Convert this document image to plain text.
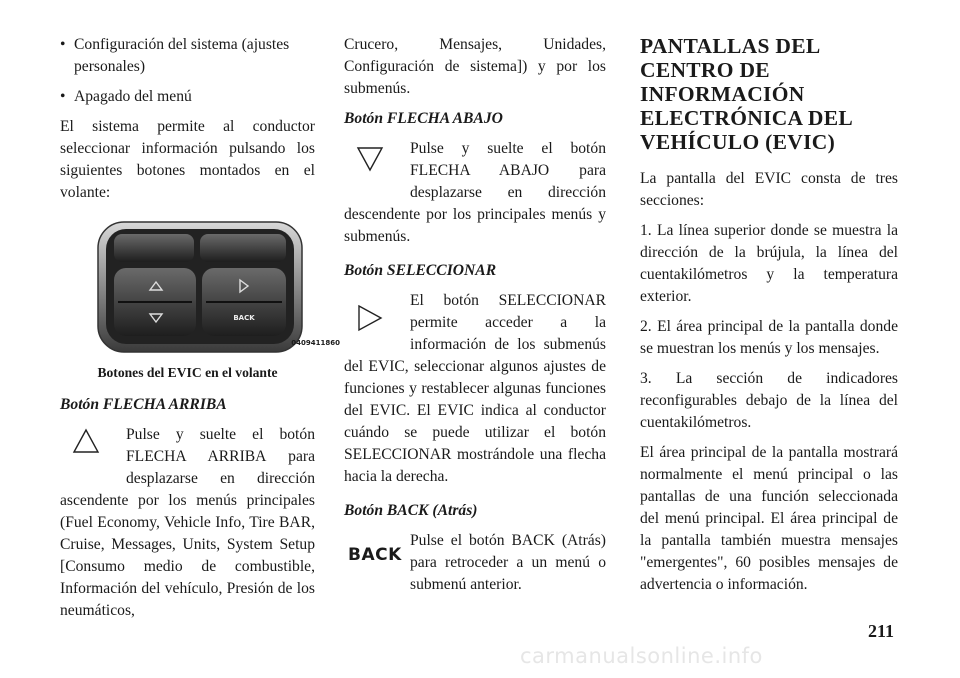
• Configuración del sistema (ajustes
personales)
• Apagado del menú

El sistema permite al conductor seleccionar información pulsando los siguientes botones montados en el volante:

BACK
0409411860
Botones del EVIC en el volante
Botón FLECHA ARRIBA

Pulse y suelte el botón FLECHA ARRIBA para desplazarse en dirección ascendente por los menús principales (Fuel Economy, Vehicle Info, Tire BAR, Cruise, Messages, Units, System Setup [Consumo medio de combustible, Información del vehículo, Presión de los neumáticos,

Crucero, Mensajes, Unidades, Configuración de sistema]) y por los submenús.

Botón FLECHA ABAJO

Pulse y suelte el botón FLECHA ABAJO para desplazarse en dirección descendente por los principales menús y submenús.

Botón SELECCIONAR

El botón SELECCIONAR permite acceder a la información de los submenús del EVIC, seleccionar algunos ajustes de funciones y restablecer algunas funciones del EVIC. El EVIC indica al conductor cuándo se puede utilizar el botón SELECCIONAR mostrándole una flecha hacia la derecha.

Botón BACK (Atrás)
BACK

Pulse el botón BACK (Atrás) para retroceder a un menú o submenú anterior.

PANTALLAS DEL CENTRO DE INFORMACIÓN ELECTRÓNICA DEL VEHÍCULO (EVIC)

La pantalla del EVIC consta de tres secciones:

1. La línea superior donde se muestra la dirección de la brújula, la línea del cuentakilómetros y la temperatura exterior.

2. El área principal de la pantalla donde se muestran los menús y los mensajes.

3. La sección de indicadores reconfigurables debajo de la línea del cuentakilómetros.

El área principal de la pantalla mostrará normalmente el menú principal o las pantallas de una función seleccionada del menú principal. El área principal de la pantalla también muestra mensajes "emergentes", 60 posibles mensajes de advertencia o información.

211
carmanualsonline.info
